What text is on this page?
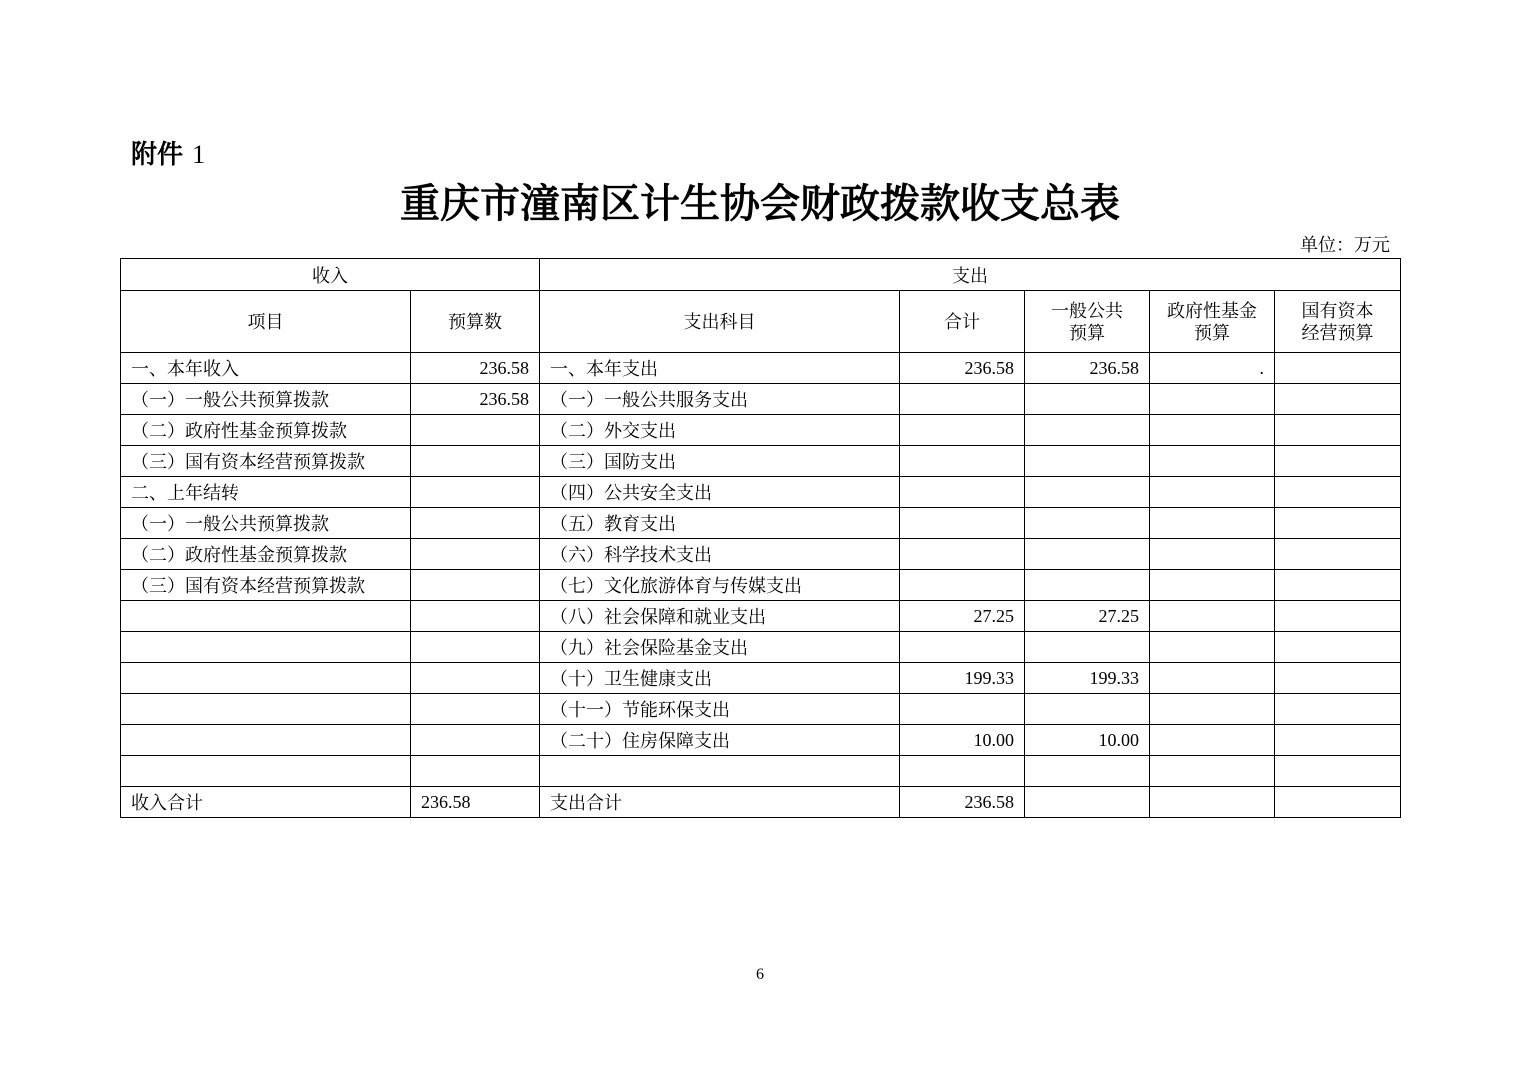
附件 1
重庆市潼南区计生协会财政拨款收支总表
单位：万元
收入		支出				
项目	预算数	支出科目	合计	一般公共预算	政府性基金预算	国有资本经营预算
一、本年收入	236.58	一、本年支出	236.58	236.58	.	
（一）一般公共预算拨款	236.58	（一）一般公共服务支出				
（二）政府性基金预算拨款		（二）外交支出				
（三）国有资本经营预算拨款		（三）国防支出				
二、上年结转		（四）公共安全支出				
（一）一般公共预算拨款		（五）教育支出				
（二）政府性基金预算拨款		（六）科学技术支出				
（三）国有资本经营预算拨款		（七）文化旅游体育与传媒支出				
		（八）社会保障和就业支出	27.25	27.25		
		（九）社会保险基金支出				
		（十）卫生健康支出	199.33	199.33		
		（十一）节能环保支出				
		（二十）住房保障支出	10.00	10.00		

收入合计	236.58	支出合计	236.58			
6
